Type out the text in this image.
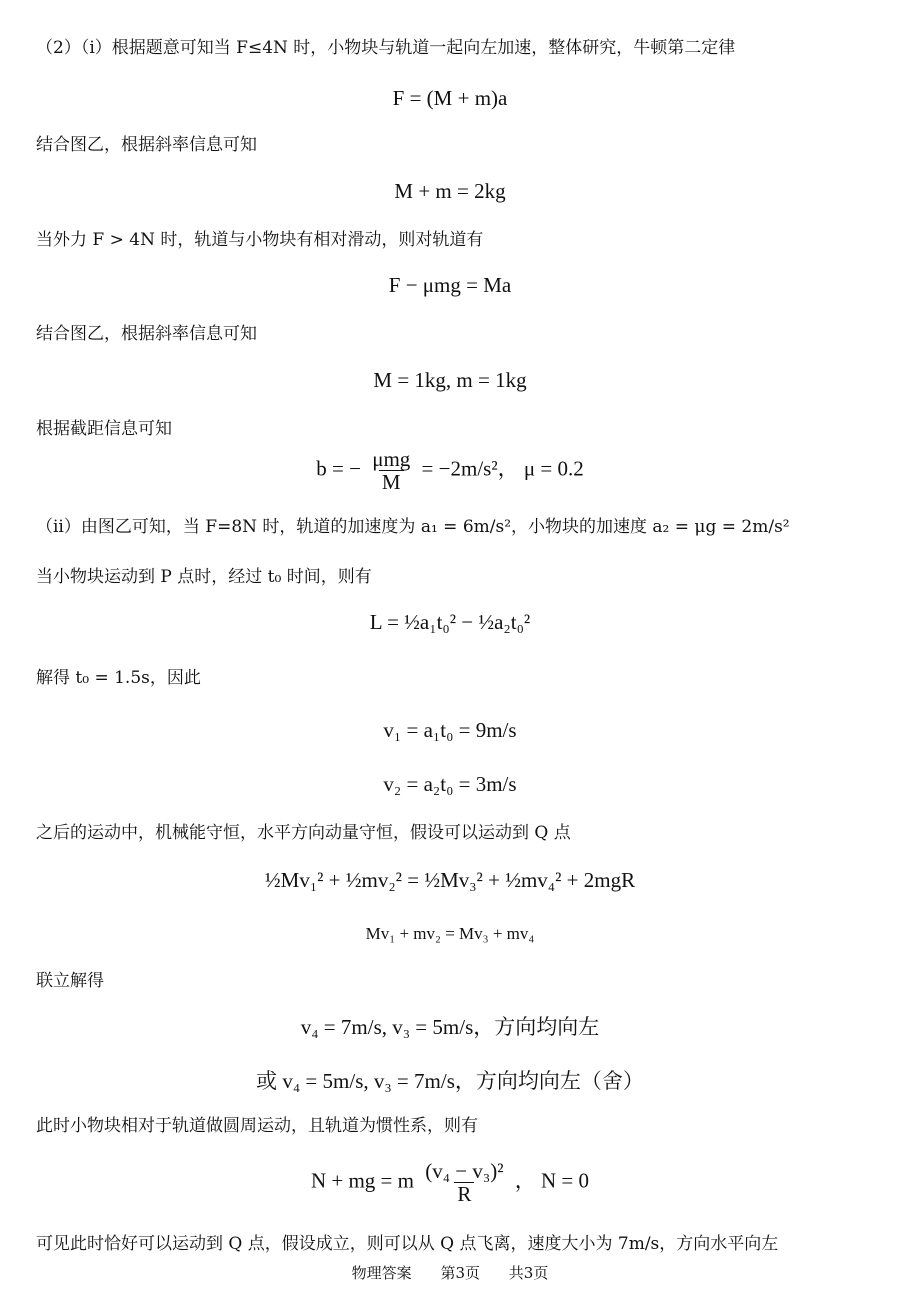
（2）（i）根据题意可知当 F≤4N 时，小物块与轨道一起向左加速，整体研究，牛顿第二定律
F = (M + m)a
结合图乙，根据斜率信息可知
M + m = 2kg
当外力 F > 4N 时，轨道与小物块有相对滑动，则对轨道有
F − μmg = Ma
结合图乙，根据斜率信息可知
M = 1kg, m = 1kg
根据截距信息可知
b = − $\frac{\text{μmg}}{M} = -2m/s^2$， μ = 0.2
（ii）由图乙可知，当 F=8N 时，轨道的加速度为 a₁ = 6m/s²，小物块的加速度 a₂ = μg = 2m/s²
当小物块运动到 P 点时，经过 t₀ 时间，则有
L = ½a₁t₀² − ½a₂t₀²
解得 t₀ = 1.5s，因此
v₁ = a₁t₀ = 9m/s
v₂ = a₂t₀ = 3m/s
之后的运动中，机械能守恒，水平方向动量守恒，假设可以运动到 Q 点
½Mv₁² + ½mv₂² = ½Mv₃² + ½mv₄² + 2mgR
Mv₁ + mv₂ = Mv₃ + mv₄
联立解得
v₄ = 7m/s, v₃ = 5m/s，方向均向左
或 v₄ = 5m/s, v₃ = 7m/s，方向均向左（舍）
此时小物块相对于轨道做圆周运动，且轨道为惯性系，则有
N + mg = m $\frac{\text{(v₄ − v₃)²}}{R}$ ， N = 0
可见此时恰好可以运动到 Q 点，假设成立，则可以从 Q 点飞离，速度大小为 7m/s，方向水平向左
物理答案 第3页 共3页
